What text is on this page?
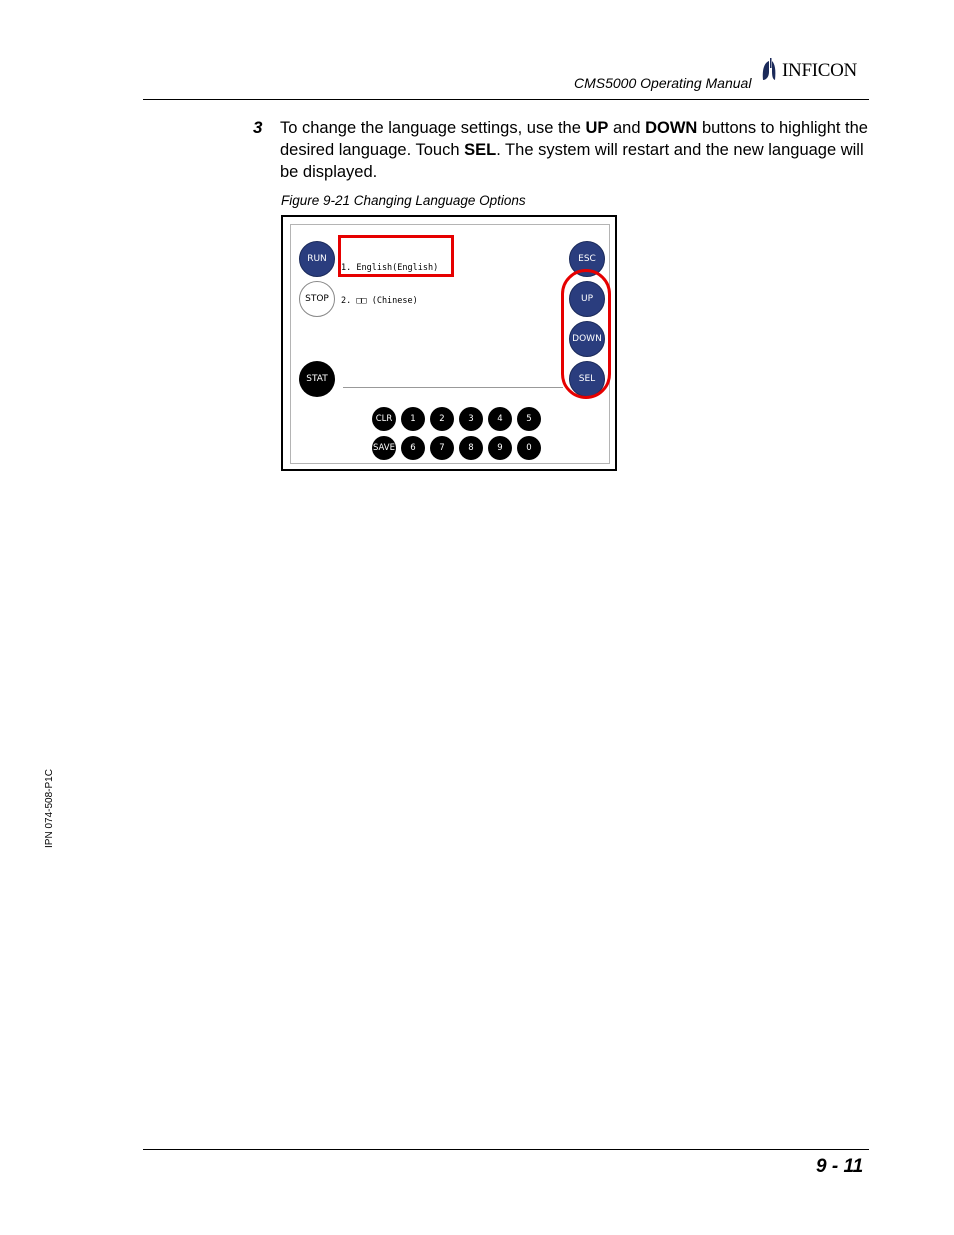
CMS5000 Operating Manual
INFICON
3 To change the language settings, use the UP and DOWN buttons to highlight the desired language. Touch SEL. The system will restart and the new language will be displayed.
Figure 9-21 Changing Language Options
RUN
STOP
STAT

1. English(English)

2. □□ (Chinese)

ESC
UP
DOWN
SEL
CLR	1	2	3	4	5
SAVE	6	7	8	9	0
IPN 074-508-P1C
9 - 11
